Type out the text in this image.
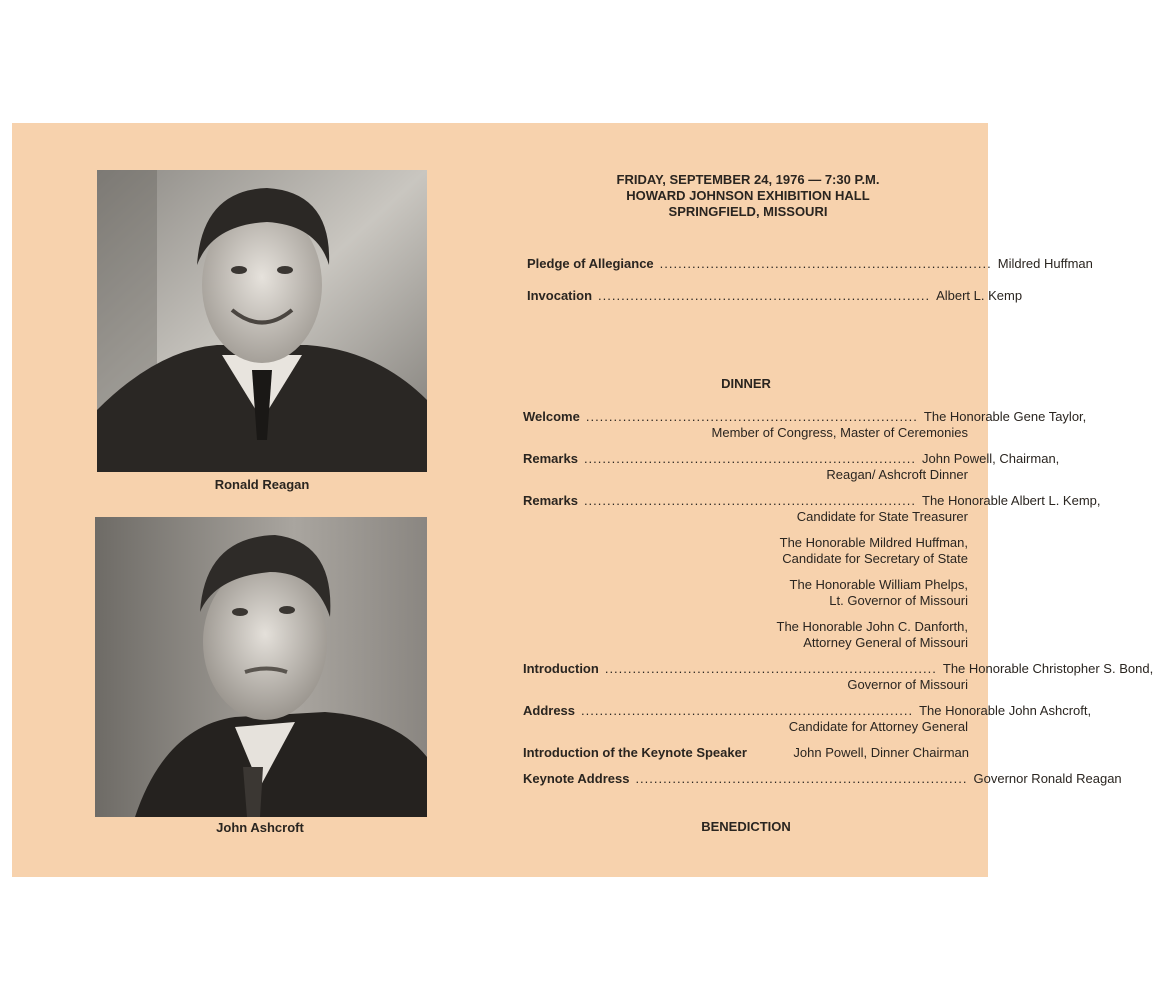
Ronald Reagan
John Ashcroft
FRIDAY, SEPTEMBER 24, 1976 — 7:30 P.M.
HOWARD JOHNSON EXHIBITION HALL
SPRINGFIELD, MISSOURI
Pledge of Allegiance ........................................................................ Mildred Huffman
Invocation ........................................................................ Albert L. Kemp
DINNER
Welcome ........................................................................ The Honorable Gene Taylor,
Member of Congress, Master of Ceremonies
Remarks ........................................................................ John Powell, Chairman,
Reagan/ Ashcroft Dinner
Remarks ........................................................................ The Honorable Albert L. Kemp,
Candidate for State Treasurer
The Honorable Mildred Huffman,
Candidate for Secretary of State
The Honorable William Phelps,
Lt. Governor of Missouri
The Honorable John C. Danforth,
Attorney General of Missouri
Introduction ........................................................................ The Honorable Christopher S. Bond,
Governor of Missouri
Address ........................................................................ The Honorable John Ashcroft,
Candidate for Attorney General
Introduction of the Keynote Speaker	John Powell, Dinner Chairman
Keynote Address ........................................................................ Governor Ronald Reagan
BENEDICTION
